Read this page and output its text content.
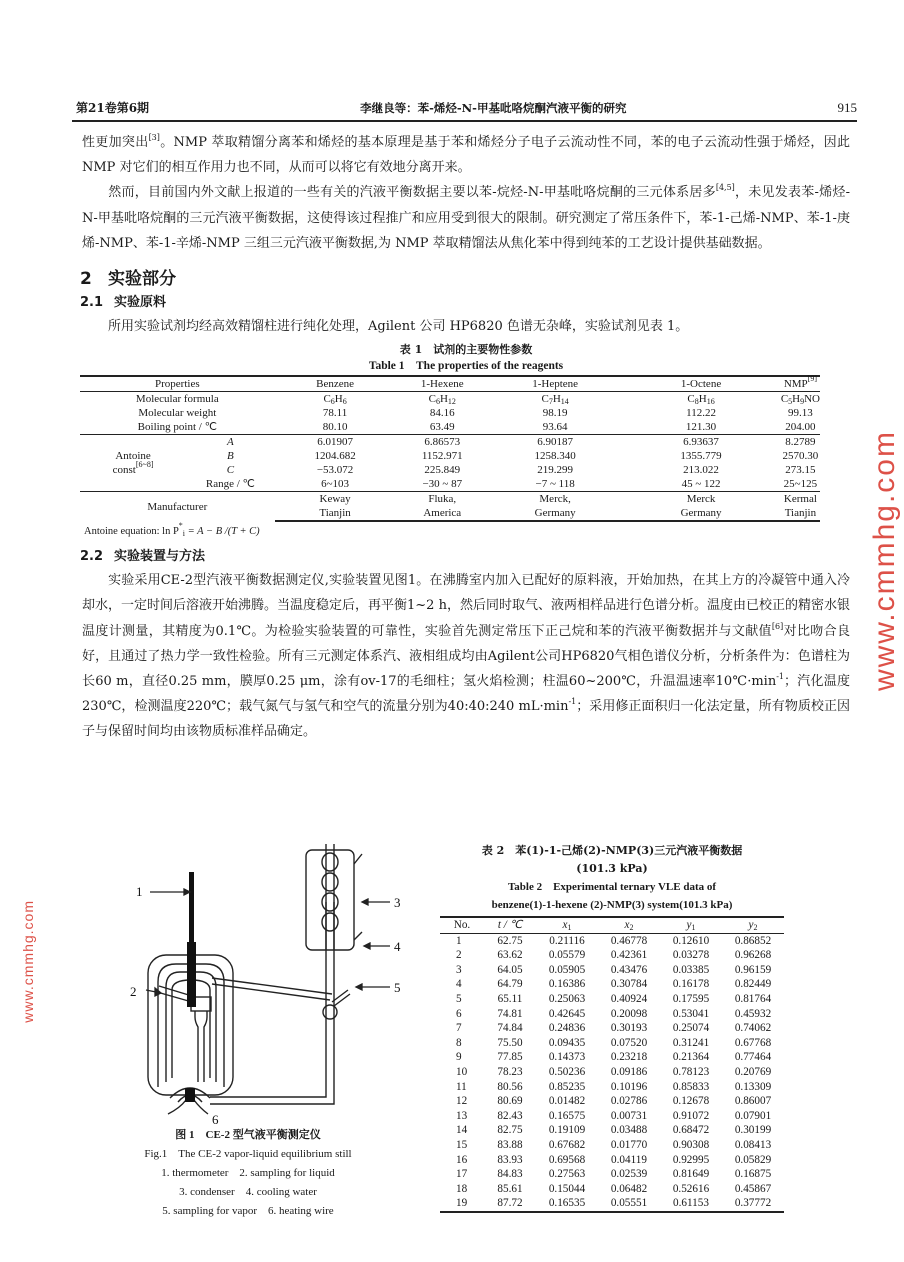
第21卷第6期	李继良等：苯-烯烃-N-甲基吡咯烷酮汽液平衡的研究	915

性更加突出[3]。NMP 萃取精馏分离苯和烯烃的基本原理是基于苯和烯烃分子电子云流动性不同，苯的电子云流动性强于烯烃，因此 NMP 对它们的相互作用力也不同，从而可以将它有效地分离开来。

然而，目前国内外文献上报道的一些有关的汽液平衡数据主要以苯-烷烃-N-甲基吡咯烷酮的三元体系居多[4,5]，未见发表苯-烯烃-N-甲基吡咯烷酮的三元汽液平衡数据，这使得该过程推广和应用受到很大的限制。研究测定了常压条件下，苯-1-己烯-NMP、苯-1-庚烯-NMP、苯-1-辛烯-NMP 三组三元汽液平衡数据,为 NMP 萃取精馏法从焦化苯中得到纯苯的工艺设计提供基础数据。

2 实验部分
2.1 实验原料

所用实验试剂均经高效精馏柱进行纯化处理，Agilent 公司 HP6820 色谱无杂峰，实验试剂见表 1。

表 1　试剂的主要物性参数
Table 1　The properties of the reagents
Properties		Benzene	1-Hexene	1-Heptene	1-Octene	NMP[9]
Molecular formula		$C_6H_6$	$C_6H_{12}$	$C_7H_{14}$	$C_8H_{16}$	$C_5H_9NO$
Molecular weight		78.11	84.16	98.19	112.22	99.13
Boiling point / ℃		80.10	63.49	93.64	121.30	204.00
Antoine
const[6~8]	A	6.01907	6.86573	6.90187	6.93637	8.2789
	B	1204.682	1152.971	1258.340	1355.779	2570.30
	C	−53.072	225.849	219.299	213.022	273.15
	Range / ℃	6~103	−30 ~ 87	−7 ~ 118	45 ~ 122	25~125
Manufacturer		Keway	Fluka,	Merck,	Merck	Kermal
		Tianjin	America	Germany	Germany	Tianjin
Antoine equation: $\ln P^*_i = A - B$ /(T + C)
2.2 实验装置与方法

实验采用CE-2型汽液平衡数据测定仪,实验装置见图1。在沸腾室内加入已配好的原料液，开始加热，在其上方的冷凝管中通入冷却水，一定时间后溶液开始沸腾。当温度稳定后，再平衡1~2 h，然后同时取气、液两相样品进行色谱分析。温度由已校正的精密水银温度计测量，其精度为0.1℃。为检验实验装置的可靠性，实验首先测定常压下正己烷和苯的汽液平衡数据并与文献值[6]对比吻合良好，且通过了热力学一致性检验。所有三元测定体系汽、液相组成均由Agilent公司HP6820气相色谱仪分析，分析条件为：色谱柱为长60 m，直径0.25 mm，膜厚0.25 μm，涂有ov-17的毛细柱；氢火焰检测；柱温60~200℃，升温温速率$10℃\cdot\min^{-1}$；汽化温度230℃，检测温度220℃；载气氮气与氢气和空气的流量分别为40:40:240 $mL\cdot\min^{-1}$；采用修正面积归一化法定量，所有物质校正因子与保留时间均由该物质标准样品确定。

1
2
3
4
5
6
图 1　CE-2 型气液平衡测定仪
Fig.1　The CE-2 vapor-liquid equilibrium still
1. thermometer　2. sampling for liquid
3. condenser　4. cooling water
5. sampling for vapor　6. heating wire
表 2　苯(1)-1-己烯(2)-NMP(3)三元汽液平衡数据
(101.3 kPa)
Table 2　Experimental ternary VLE data of
benzene(1)-1-hexene (2)-NMP(3) system(101.3 kPa)
No.	t / ℃	$x_1$	$x_2$	$y_1$	$y_2$
1	62.75	0.21116	0.46778	0.12610	0.86852
2	63.62	0.05579	0.42361	0.03278	0.96268
3	64.05	0.05905	0.43476	0.03385	0.96159
4	64.79	0.16386	0.30784	0.16178	0.82449
5	65.11	0.25063	0.40924	0.17595	0.81764
6	74.81	0.42645	0.20098	0.53041	0.45932
7	74.84	0.24836	0.30193	0.25074	0.74062
8	75.50	0.09435	0.07520	0.31241	0.67768
9	77.85	0.14373	0.23218	0.21364	0.77464
10	78.23	0.50236	0.09186	0.78123	0.20769
11	80.56	0.85235	0.10196	0.85833	0.13309
12	80.69	0.01482	0.02786	0.12678	0.86007
13	82.43	0.16575	0.00731	0.91072	0.07901
14	82.75	0.19109	0.03488	0.68472	0.30199
15	83.88	0.67682	0.01770	0.90308	0.08413
16	83.93	0.69568	0.04119	0.92995	0.05829
17	84.83	0.27563	0.02539	0.81649	0.16875
18	85.61	0.15044	0.06482	0.52616	0.45867
19	87.72	0.16535	0.05551	0.61153	0.37772
www.cmmhg.com
www.cmmhg.com
